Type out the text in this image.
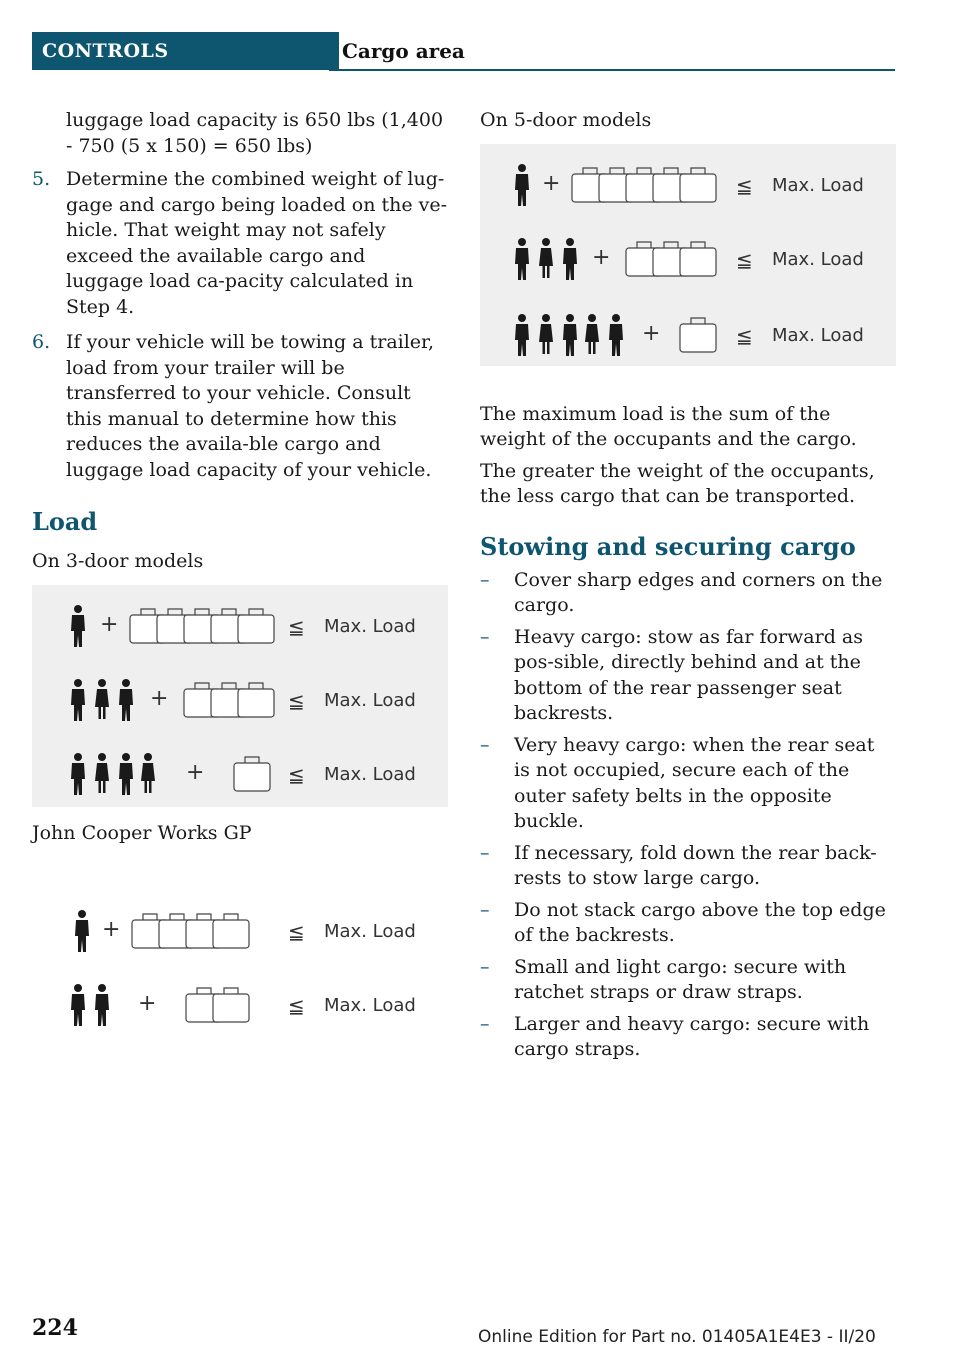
CONTROLS	Cargo area

luggage load capacity is 650 lbs (1,400 - 750 (5 x 150) = 650 lbs)

5. Determine the combined weight of lug-gage and cargo being loaded on the ve-hicle. That weight may not safely exceed the available cargo and luggage load ca-pacity calculated in Step 4.

6. If your vehicle will be towing a trailer, load from your trailer will be transferred to your vehicle. Consult this manual to determine how this reduces the availa-ble cargo and luggage load capacity of your vehicle.

Load

On 3-door models

+	≦ Max. Load
+	≦ Max. Load
+	≦ Max. Load

John Cooper Works GP

+	≦ Max. Load
+	≦ Max. Load

On 5-door models

+	≦ Max. Load
+	≦ Max. Load
+	≦ Max. Load

The maximum load is the sum of the weight of the occupants and the cargo.

The greater the weight of the occupants, the less cargo that can be transported.

Stowing and securing cargo
– Cover sharp edges and corners on the cargo.

– Heavy cargo: stow as far forward as pos-sible, directly behind and at the bottom of the rear passenger seat backrests.

– Very heavy cargo: when the rear seat is not occupied, secure each of the outer safety belts in the opposite buckle.

– If necessary, fold down the rear back-rests to stow large cargo.

– Do not stack cargo above the top edge of the backrests.

– Small and light cargo: secure with ratchet straps or draw straps.

– Larger and heavy cargo: secure with cargo straps.

224	Online Edition for Part no. 01405A1E4E3 - II/20
